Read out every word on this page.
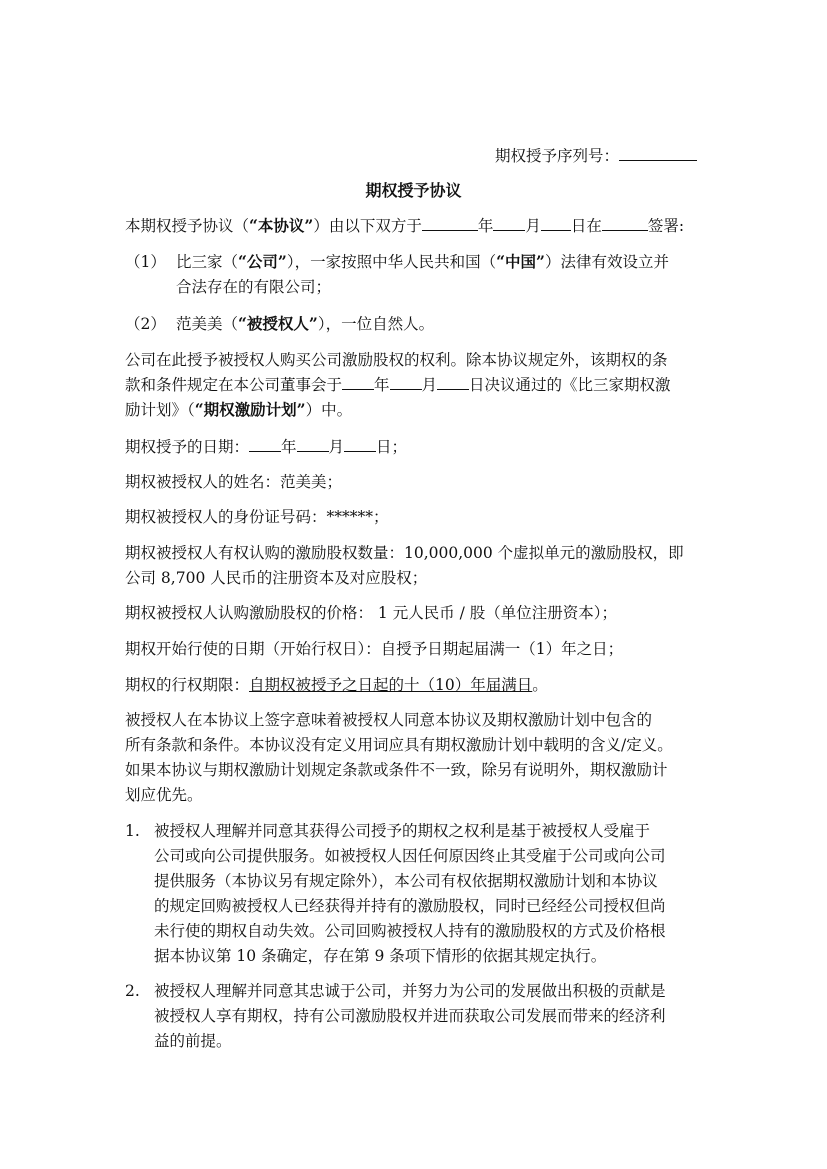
期权授予序列号：
期权授予协议
本期权授予协议（“本协议”）由以下双方于	年 月 日在	签署:
（1） 比三家（“公司”），一家按照中华人民共和国（“中国”）法律有效设立并
合法存在的有限公司；
（2） 范美美（“被授权人”），一位自然人。
公司在此授予被授权人购买公司激励股权的权利。除本协议规定外，该期权的条
款和条件规定在本公司董事会于 年 月 日决议通过的《比三家期权激
励计划》（“期权激励计划”）中。
期权授予的日期： 年 月 日；
期权被授权人的姓名：范美美；
期权被授权人的身份证号码：******；
期权被授权人有权认购的激励股权数量：10,000,000 个虚拟单元的激励股权，即
公司 8,700 人民币的注册资本及对应股权；
期权被授权人认购激励股权的价格： 1 元人民币 / 股（单位注册资本）；
期权开始行使的日期（开始行权日）：自授予日期起届满一（1）年之日；
期权的行权期限：自期权被授予之日起的十（10）年届满日。
被授权人在本协议上签字意味着被授权人同意本协议及期权激励计划中包含的
所有条款和条件。本协议没有定义用词应具有期权激励计划中载明的含义/定义。
如果本协议与期权激励计划规定条款或条件不一致，除另有说明外，期权激励计
划应优先。
1. 被授权人理解并同意其获得公司授予的期权之权利是基于被授权人受雇于
公司或向公司提供服务。如被授权人因任何原因终止其受雇于公司或向公司
提供服务（本协议另有规定除外），本公司有权依据期权激励计划和本协议
的规定回购被授权人已经获得并持有的激励股权，同时已经经公司授权但尚
未行使的期权自动失效。公司回购被授权人持有的激励股权的方式及价格根
据本协议第 10 条确定，存在第 9 条项下情形的依据其规定执行。
2. 被授权人理解并同意其忠诚于公司，并努力为公司的发展做出积极的贡献是
被授权人享有期权，持有公司激励股权并进而获取公司发展而带来的经济利
益的前提。
